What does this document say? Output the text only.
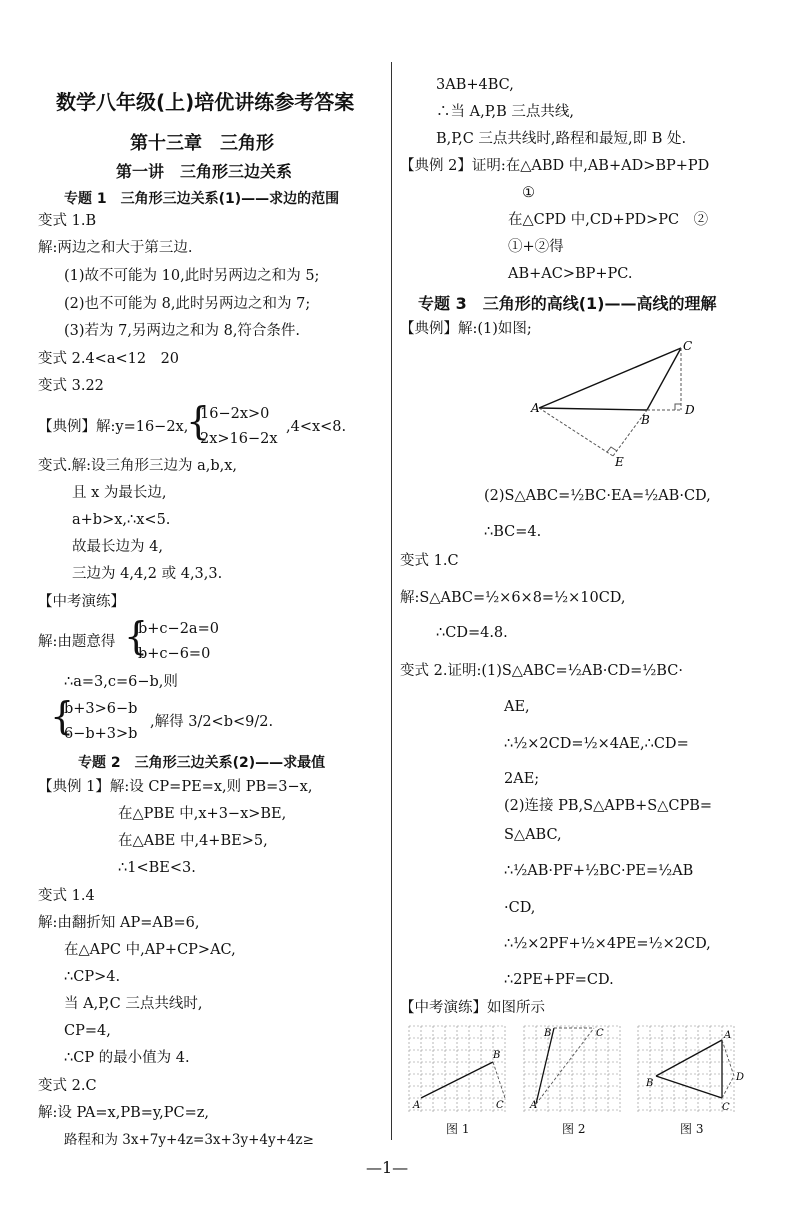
数学八年级(上)培优讲练参考答案
第十三章　三角形
第一讲　三角形三边关系
专题 1　三角形三边关系(1)——求边的范围
变式 1.B
解:两边之和大于第三边.
(1)故不可能为 10,此时另两边之和为 5;
(2)也不可能为 8,此时另两边之和为 7;
(3)若为 7,另两边之和为 8,符合条件.
变式 2.4<a<12　20
变式 3.22
【典例】解:y=16−2x,
{
16−2x>0
2x>16−2x
,4<x<8.
变式.解:设三角形三边为 a,b,x,
且 x 为最长边,
a+b>x,∴x<5.
故最长边为 4,
三边为 4,4,2 或 4,3,3.
【中考演练】
解:由题意得 {
b+c−2a=0
b+c−6=0
∴a=3,c=6−b,则
{
b+3>6−b
6−b+3>b
,解得 3/2<b<9/2.
专题 2　三角形三边关系(2)——求最值
【典例 1】解:设 CP=PE=x,则 PB=3−x,
在△PBE 中,x+3−x>BE,
在△ABE 中,4+BE>5,
∴1<BE<3.
变式 1.4
解:由翻折知 AP=AB=6,
在△APC 中,AP+CP>AC,
∴CP>4.
当 A,P,C 三点共线时,
CP=4,
∴CP 的最小值为 4.
变式 2.C
解:设 PA=x,PB=y,PC=z,
路程和为 3x+7y+4z=3x+3y+4y+4z≥
3AB+4BC,
∴当 A,P,B 三点共线,
B,P,C 三点共线时,路程和最短,即 B 处.
【典例 2】证明:在△ABD 中,AB+AD>BP+PD
①
在△CPD 中,CD+PD>PC　②
①+②得
AB+AC>BP+PC.
专题 3　三角形的高线(1)——高线的理解
【典例】解:(1)如图;
A
C
B
D
E
(2)S△ABC=½BC·EA=½AB·CD,
∴BC=4.
变式 1.C
解:S△ABC=½×6×8=½×10CD,
∴CD=4.8.
变式 2.证明:(1)S△ABC=½AB·CD=½BC·
AE,
∴½×2CD=½×4AE,∴CD=
2AE;
(2)连接 PB,S△APB+S△CPB=
S△ABC,
∴½AB·PF+½BC·PE=½AB
·CD,
∴½×2PF+½×4PE=½×2CD,
∴2PE+PF=CD.
【中考演练】如图所示
A
B
C
图 1
A
B	C
图 2
A
B
C
D
图 3
—1—
